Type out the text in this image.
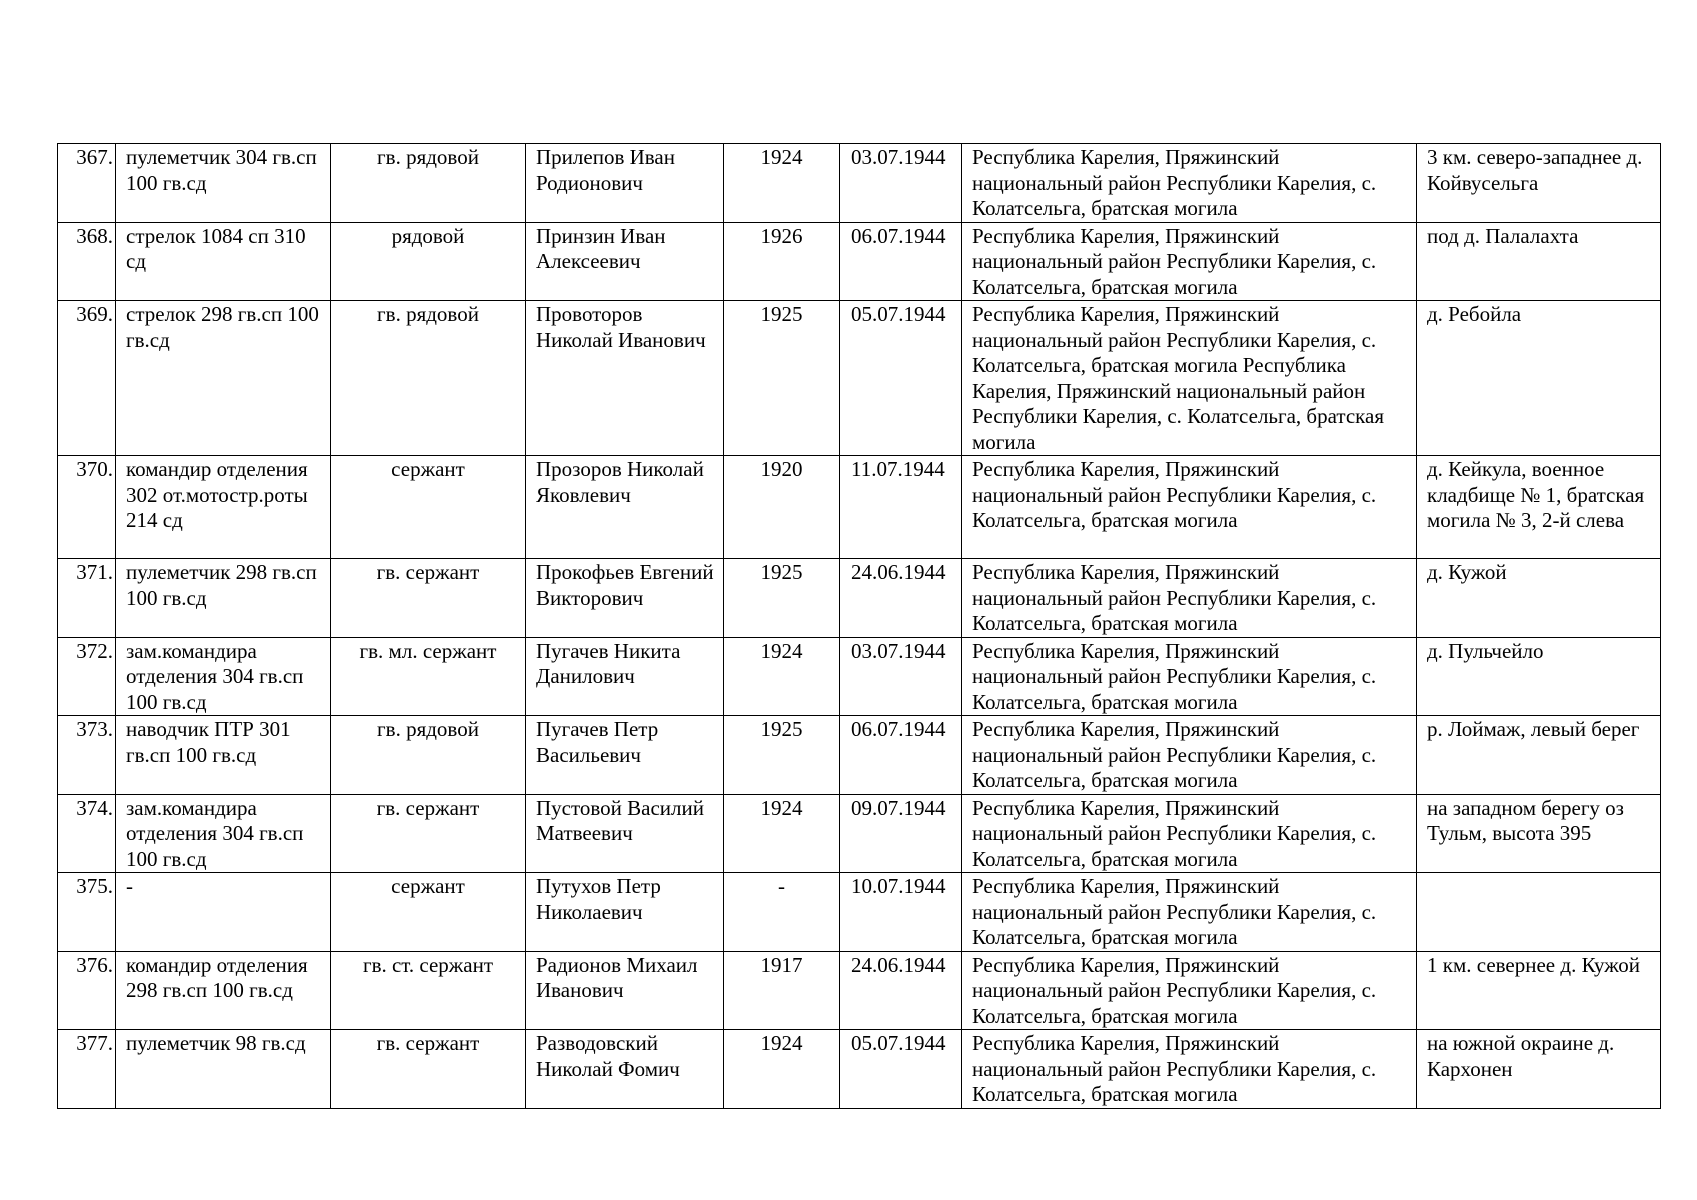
367.	пулеметчик 304 гв.сп 100 гв.сд	гв. рядовой	Прилепов Иван Родионович	1924	03.07.1944	Республика Карелия, Пряжинский национальный район Республики Карелия, с. Колатсельга, братская могила	3 км. северо-западнее д. Койвусельга
368.	стрелок 1084 сп 310 сд	рядовой	Принзин Иван Алексеевич	1926	06.07.1944	Республика Карелия, Пряжинский национальный район Республики Карелия, с. Колатсельга, братская могила	под д. Палалахта
369.	стрелок 298 гв.сп 100 гв.сд	гв. рядовой	Провоторов Николай Иванович	1925	05.07.1944	Республика Карелия, Пряжинский национальный район Республики Карелия, с. Колатсельга, братская могила Республика Карелия, Пряжинский национальный район Республики Карелия, с. Колатсельга, братская могила	д. Ребойла
370.	командир отделения 302 от.мотостр.роты 214 сд	сержант	Прозоров Николай Яковлевич	1920	11.07.1944	Республика Карелия, Пряжинский национальный район Республики Карелия, с. Колатсельга, братская могила	д. Кейкула, военное кладбище № 1, братская могила № 3, 2-й слева
371.	пулеметчик 298 гв.сп 100 гв.сд	гв. сержант	Прокофьев Евгений Викторович	1925	24.06.1944	Республика Карелия, Пряжинский национальный район Республики Карелия, с. Колатсельга, братская могила	д. Кужой
372.	зам.командира отделения 304 гв.сп 100 гв.сд	гв. мл. сержант	Пугачев Никита Данилович	1924	03.07.1944	Республика Карелия, Пряжинский национальный район Республики Карелия, с. Колатсельга, братская могила	д. Пульчейло
373.	наводчик ПТР 301 гв.сп 100 гв.сд	гв. рядовой	Пугачев Петр Васильевич	1925	06.07.1944	Республика Карелия, Пряжинский национальный район Республики Карелия, с. Колатсельга, братская могила	р. Лоймаж, левый берег
374.	зам.командира отделения 304 гв.сп 100 гв.сд	гв. сержант	Пустовой Василий Матвеевич	1924	09.07.1944	Республика Карелия, Пряжинский национальный район Республики Карелия, с. Колатсельга, братская могила	на западном берегу оз Тульм, высота 395
375.	-	сержант	Путухов Петр Николаевич	-	10.07.1944	Республика Карелия, Пряжинский национальный район Республики Карелия, с. Колатсельга, братская могила	
376.	командир отделения 298 гв.сп 100 гв.сд	гв. ст. сержант	Радионов Михаил Иванович	1917	24.06.1944	Республика Карелия, Пряжинский национальный район Республики Карелия, с. Колатсельга, братская могила	1 км. севернее д. Кужой
377.	пулеметчик 98 гв.сд	гв. сержант	Разводовский Николай Фомич	1924	05.07.1944	Республика Карелия, Пряжинский национальный район Республики Карелия, с. Колатсельга, братская могила	на южной окраине д. Кархонен
